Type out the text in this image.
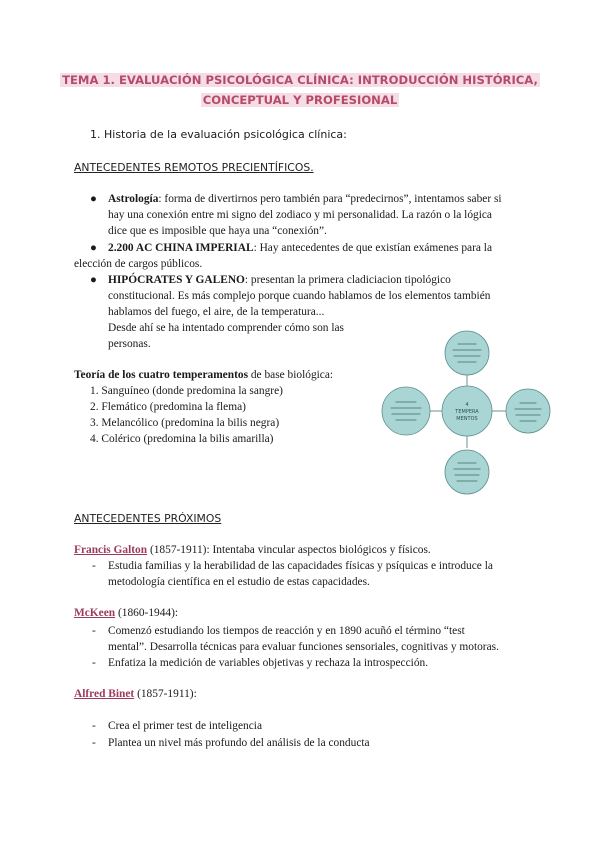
TEMA 1. EVALUACIÓN PSICOLÓGICA CLÍNICA: INTRODUCCIÓN HISTÓRICA,
CONCEPTUAL Y PROFESIONAL
1. Historia de la evaluación psicológica clínica:
ANTECEDENTES REMOTOS PRECIENTÍFICOS.
● Astrología: forma de divertirnos pero también para “predecirnos”, intentamos saber si
hay una conexión entre mi signo del zodiaco y mi personalidad. La razón o la lógica
dice que es imposible que haya una “conexión”.
● 2.200 AC CHINA IMPERIAL: Hay antecedentes de que existían exámenes para la
elección de cargos públicos.
● HIPÓCRATES Y GALENO: presentan la primera cladiciacion tipológico
constitucional. Es más complejo porque cuando hablamos de los elementos también
hablamos del fuego, el aire, de la temperatura...
Desde ahí se ha intentado comprender cómo son las
personas.
Teoría de los cuatro temperamentos de base biológica:
1. Sanguíneo (donde predomina la sangre)
2. Flemático (predomina la flema)
3. Melancólico (predomina la bilis negra)
4. Colérico (predomina la bilis amarilla)
4
TEMPERA
MENTOS
ANTECEDENTES PRÓXIMOS
Francis Galton (1857-1911): Intentaba vincular aspectos biológicos y físicos.
- Estudia familias y la herabilidad de las capacidades físicas y psíquicas e introduce la
metodología científica en el estudio de estas capacidades.
McKeen (1860-1944):
- Comenzó estudiando los tiempos de reacción y en 1890 acuñó el término “test
mental”. Desarrolla técnicas para evaluar funciones sensoriales, cognitivas y motoras.
- Enfatiza la medición de variables objetivas y rechaza la introspección.
Alfred Binet (1857-1911):
- Crea el primer test de inteligencia
- Plantea un nivel más profundo del análisis de la conducta
